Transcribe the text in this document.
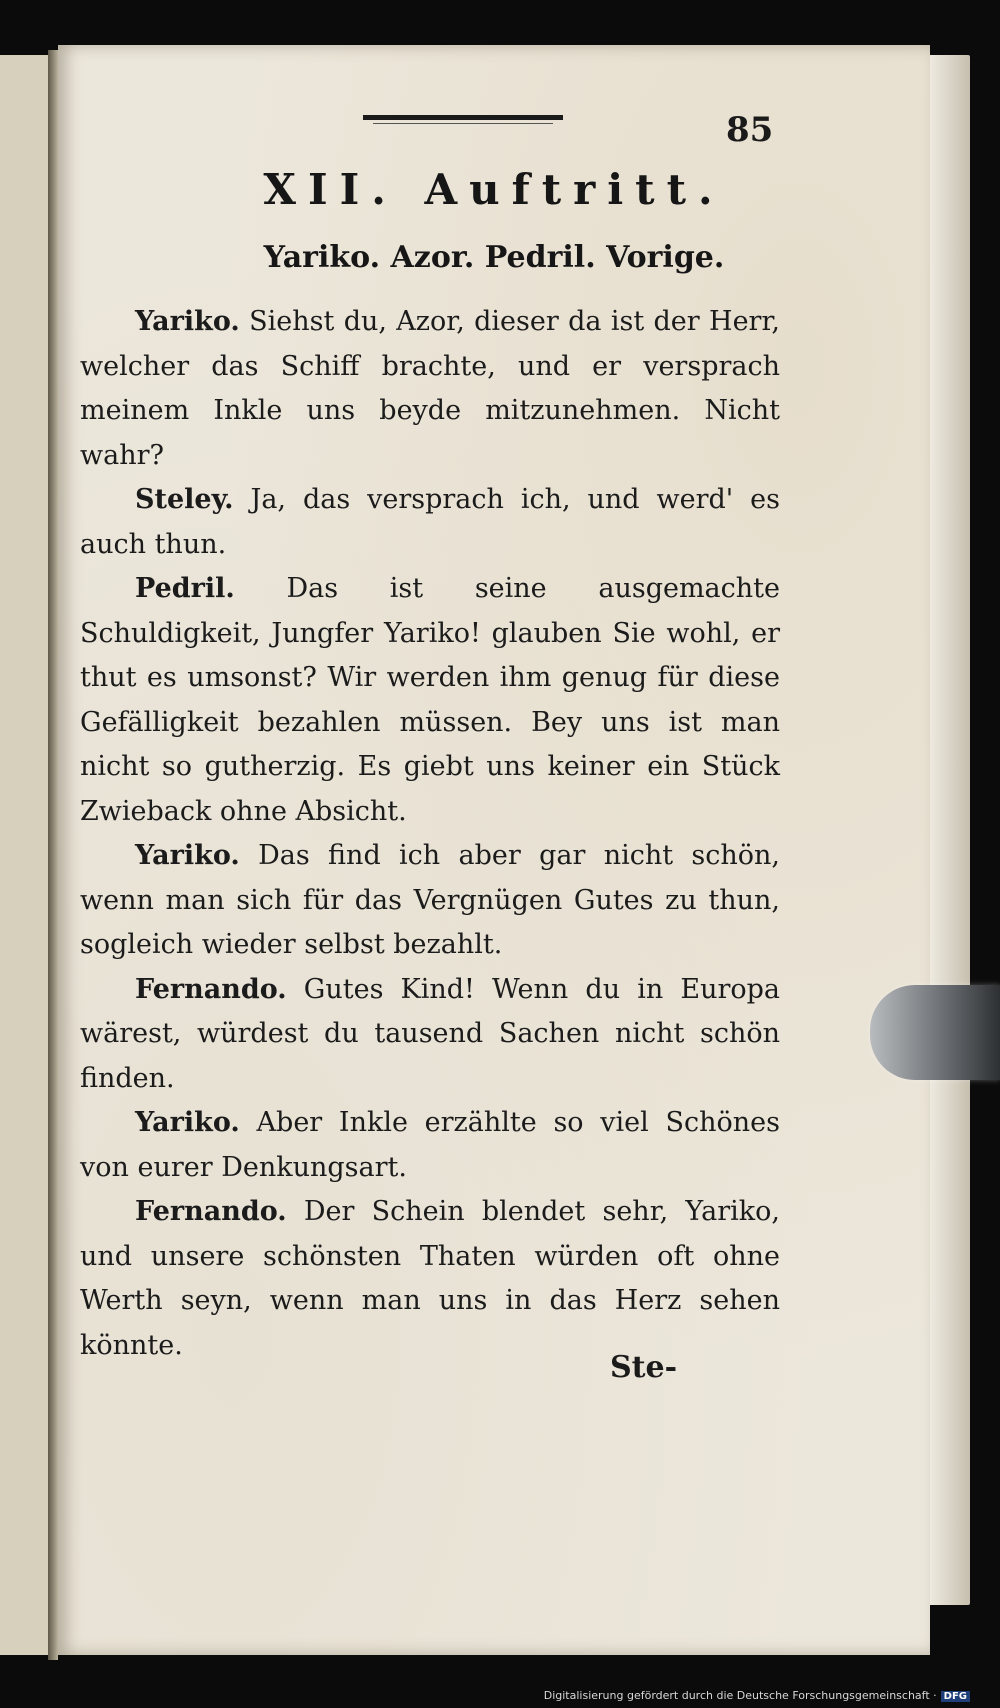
85
XII. Auftritt.
Yariko. Azor. Pedril. Vorige.

Yariko. Siehst du, Azor, dieser da ist der Herr, welcher das Schiff brachte, und er versprach meinem Inkle uns beyde mitzunehmen. Nicht wahr?

Steley. Ja, das versprach ich, und werd' es auch thun.

Pedril. Das ist seine ausgemachte Schuldigkeit, Jungfer Yariko! glauben Sie wohl, er thut es umsonst? Wir werden ihm genug für diese Gefälligkeit bezahlen müssen. Bey uns ist man nicht so gutherzig. Es giebt uns keiner ein Stück Zwieback ohne Absicht.

Yariko. Das find ich aber gar nicht schön, wenn man sich für das Vergnügen Gutes zu thun, sogleich wieder selbst bezahlt.

Fernando. Gutes Kind! Wenn du in Europa wärest, würdest du tausend Sachen nicht schön finden.

Yariko. Aber Inkle erzählte so viel Schönes von eurer Denkungsart.

Fernando. Der Schein blendet sehr, Yariko, und unsere schönsten Thaten würden oft ohne Werth seyn, wenn man uns in das Herz sehen könnte.

Ste-
Digitalisierung gefördert durch die Deutsche Forschungsgemeinschaft · DFG
